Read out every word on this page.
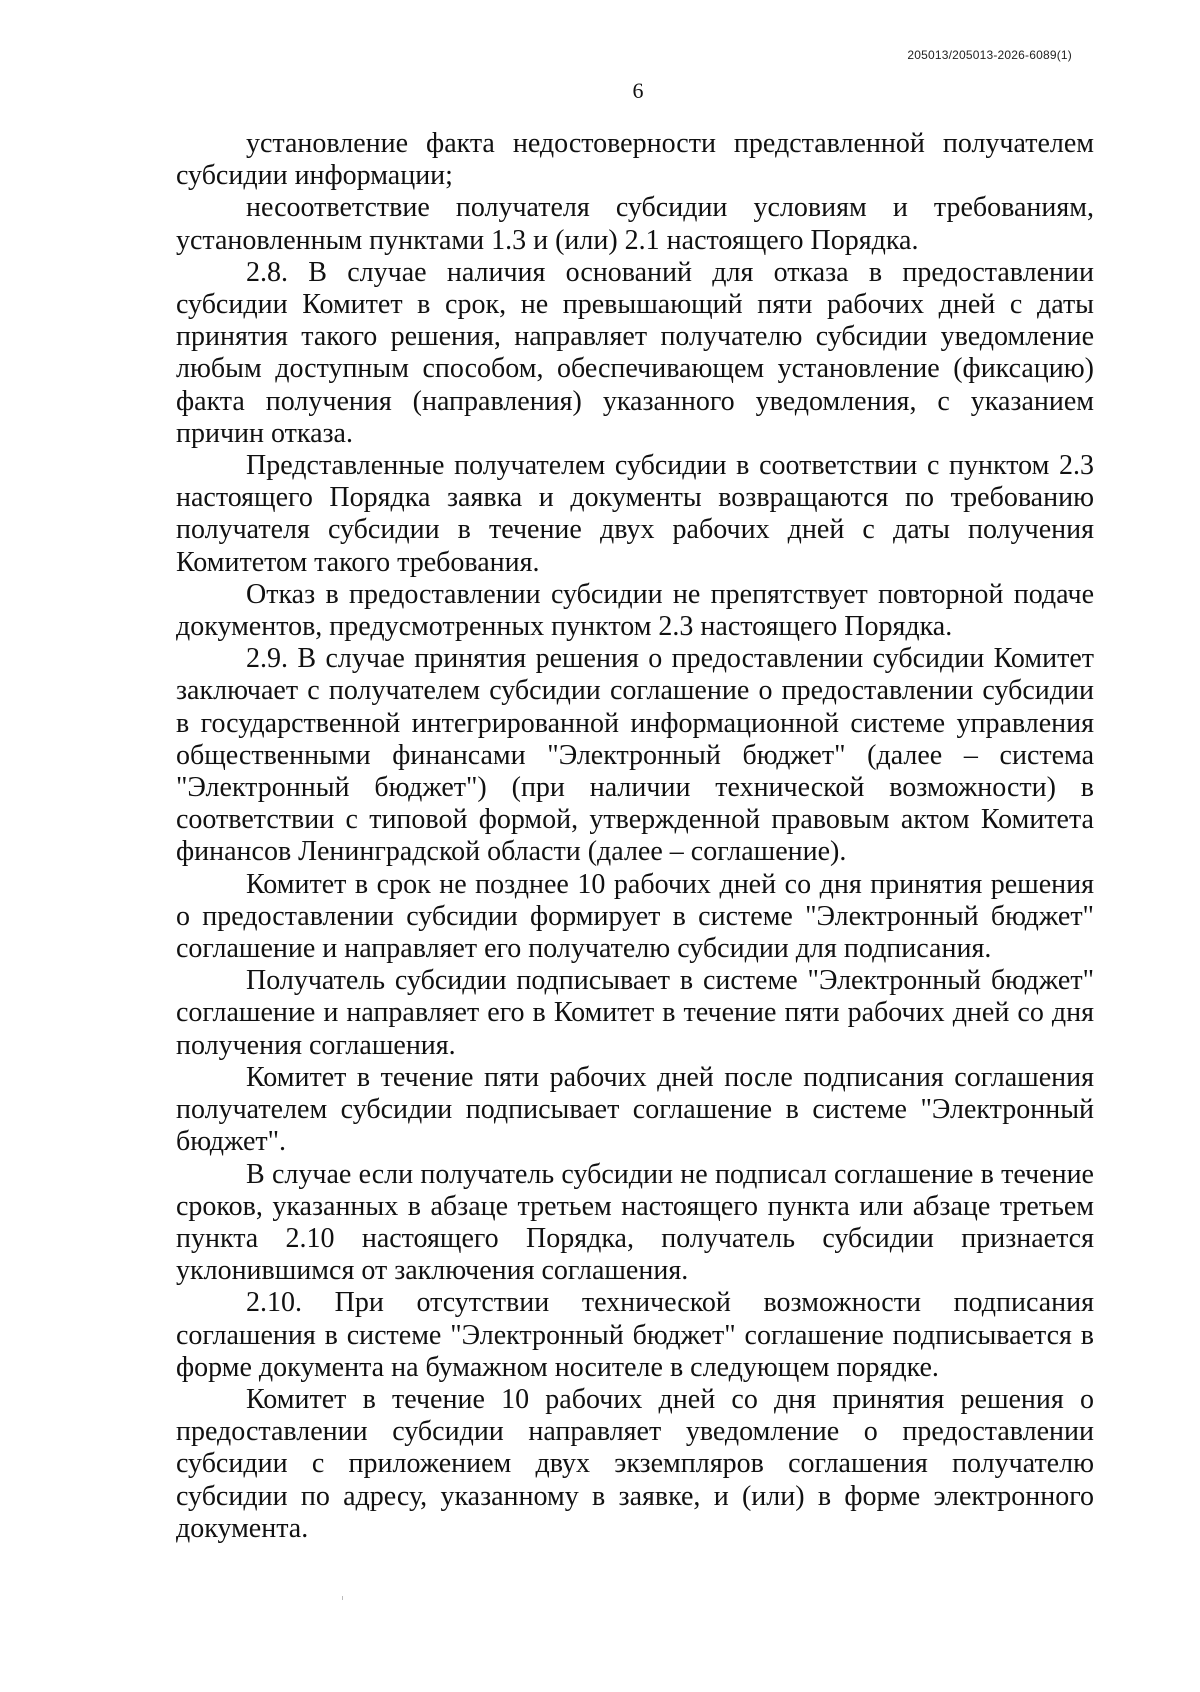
205013/205013-2026-6089(1)
6

установление факта недостоверности представленной получателем субсидии информации;

несоответствие получателя субсидии условиям и требованиям, установленным пунктами 1.3 и (или) 2.1 настоящего Порядка.

2.8. В случае наличия оснований для отказа в предоставлении субсидии Комитет в срок, не превышающий пяти рабочих дней с даты принятия такого решения, направляет получателю субсидии уведомление любым доступным способом, обеспечивающем установление (фиксацию) факта получения (направления) указанного уведомления, с указанием причин отказа.

Представленные получателем субсидии в соответствии с пунктом 2.3 настоящего Порядка заявка и документы возвращаются по требованию получателя субсидии в течение двух рабочих дней с даты получения Комитетом такого требования.

Отказ в предоставлении субсидии не препятствует повторной подаче документов, предусмотренных пунктом 2.3 настоящего Порядка.

2.9. В случае принятия решения о предоставлении субсидии Комитет заключает с получателем субсидии соглашение о предоставлении субсидии в государственной интегрированной информационной системе управления общественными финансами "Электронный бюджет" (далее – система "Электронный бюджет") (при наличии технической возможности) в соответствии с типовой формой, утвержденной правовым актом Комитета финансов Ленинградской области (далее – соглашение).

Комитет в срок не позднее 10 рабочих дней со дня принятия решения о предоставлении субсидии формирует в системе "Электронный бюджет" соглашение и направляет его получателю субсидии для подписания.

Получатель субсидии подписывает в системе "Электронный бюджет" соглашение и направляет его в Комитет в течение пяти рабочих дней со дня получения соглашения.

Комитет в течение пяти рабочих дней после подписания соглашения получателем субсидии подписывает соглашение в системе "Электронный бюджет".

В случае если получатель субсидии не подписал соглашение в течение сроков, указанных в абзаце третьем настоящего пункта или абзаце третьем пункта 2.10 настоящего Порядка, получатель субсидии признается уклонившимся от заключения соглашения.

2.10. При отсутствии технической возможности подписания соглашения в системе "Электронный бюджет" соглашение подписывается в форме документа на бумажном носителе в следующем порядке.

Комитет в течение 10 рабочих дней со дня принятия решения о предоставлении субсидии направляет уведомление о предоставлении субсидии с приложением двух экземпляров соглашения получателю субсидии по адресу, указанному в заявке, и (или) в форме электронного документа.
